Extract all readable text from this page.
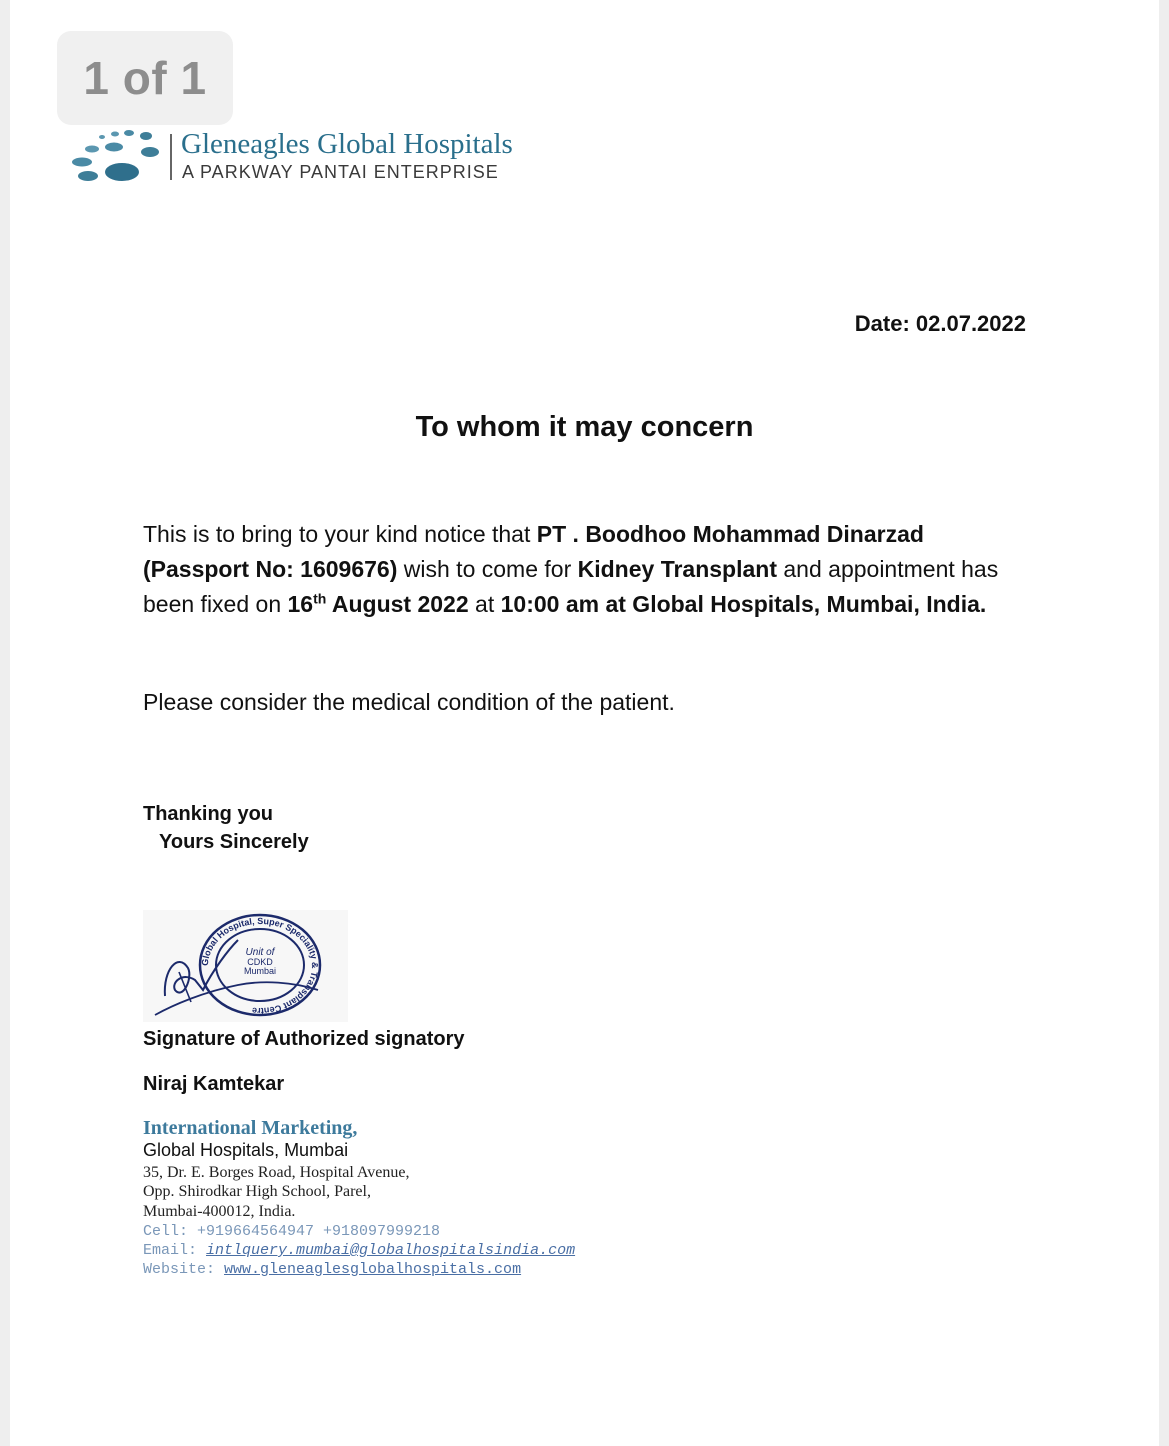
1 of 1
Gleneagles Global Hospitals
A PARKWAY PANTAI ENTERPRISE
Date: 02.07.2022
To whom it may concern
This is to bring to your kind notice that PT . Boodhoo Mohammad Dinarzad
(Passport No: 1609676) wish to come for Kidney Transplant and appointment has been fixed on 16th August 2022 at 10:00 am at Global Hospitals, Mumbai, India.
Please consider the medical condition of the patient.
Thanking you
Yours Sincerely
Global Hospital, Super Speciality & Transplant Centre
Unit of
CDKD
Mumbai
Signature of Authorized signatory
Niraj Kamtekar
International Marketing,
Global Hospitals, Mumbai
35, Dr. E. Borges Road, Hospital Avenue,
Opp. Shirodkar High School, Parel,
Mumbai-400012, India.
Cell: +919664564947 +918097999218
Email: intlquery.mumbai@globalhospitalsindia.com
Website: www.gleneaglesglobalhospitals.com
